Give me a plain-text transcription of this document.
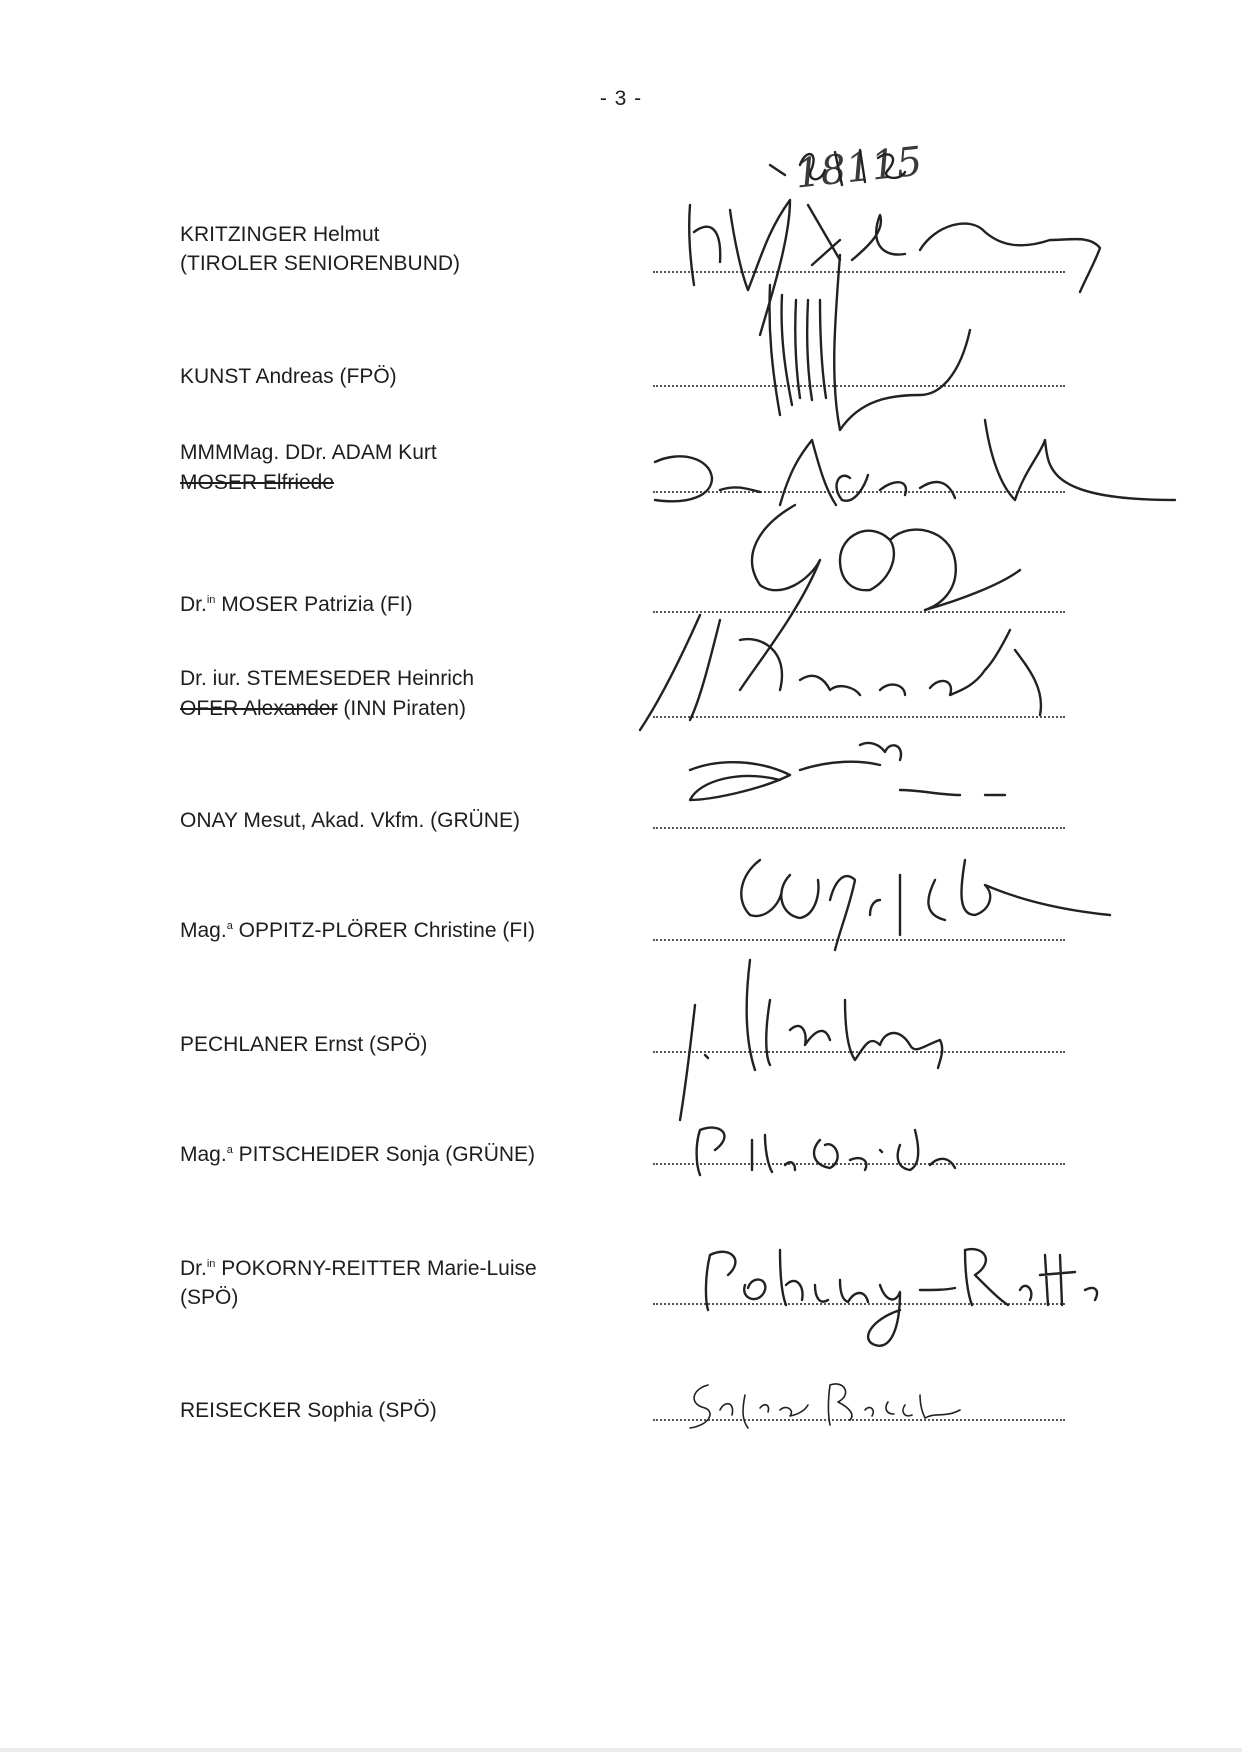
- 3 -
18115
KRITZINGER Helmut
(TIROLER SENIORENBUND)
KUNST Andreas (FPÖ)
MMMMag. DDr. ADAM Kurt
MOSER Elfriede
Dr.$^{in}$ MOSER Patrizia (FI)
Dr. iur. STEMESEDER Heinrich
OFER Alexander (INN Piraten)
ONAY Mesut, Akad. Vkfm. (GRÜNE)
Mag.$^a$ OPPITZ-PLÖRER Christine (FI)
PECHLANER Ernst (SPÖ)
Mag.$^a$ PITSCHEIDER Sonja (GRÜNE)
Dr.$^{in}$ POKORNY-REITTER Marie-Luise
(SPÖ)
REISECKER Sophia (SPÖ)
